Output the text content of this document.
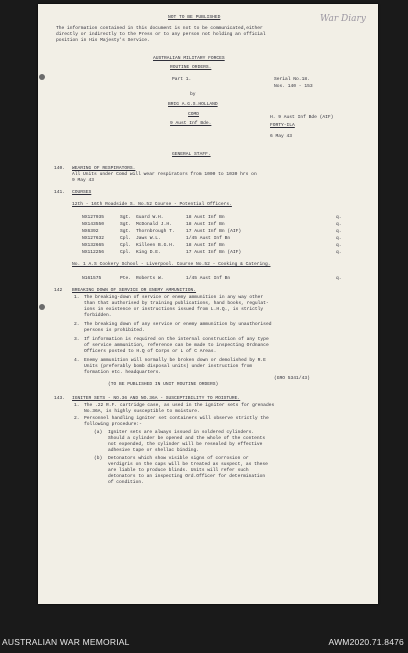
NOT TO BE PUBLISHED	War Diary
The information contained in this document is not to be communicated,either
directly or indirectly to the Press or to any person not holding an official
position in His Majesty's Service.
AUSTRALIAN MILITARY FORCES
ROUTINE ORDERS.
Part 1.	Serial No.18.
Nos. 140 - 153
by
BRIG A.G.S.HOLLAND
COMD
9 Aust Inf Bde.
H. 9 Aust Inf Bde (AIF)
FORTY-ILA
6 May 43
GENERAL STAFF.
140. WEARING OF RESPIRATORS.
All Units under Comd will wear respirators from 1000 to 1030 hrs on
9 May 43
141. COURSES
12th - 16th Roadside S. No.52 Course - Potential Officers.
NX127935	Sgt. Guard W.H.	18 Aust Inf Bn	q.
NX143550	Sgt. McDonald J.H.	18 Aust Inf Bn	q.
NX6392	Sgt. Thornbrough T. 17 Aust Inf Bn (AIF)	q.
NX127632	Cpl. Jaws W.L.	1/45 Aust Inf Bn	q.
NX132665	Cpl. Killeen B.G.H. 18 Aust Inf Bn	q.
NX112256	Cpl. King D.E.	17 Aust Inf Bn (AIF)	q.
No. 1 A.S Cookery School - Liverpool. Course No.52 - Cooking & Catering.
N161575	Pte. Roberts W.	1/45 Aust Inf Bn	q.
142 BREAKING DOWN OF SERVICE OR ENEMY AMMUNITION.
1. The breaking-down of service or enemy ammunition in any way other
than that authorised by training publications, hand books, regulat-
ions in existence or instructions issued from L.H.Q., is strictly
forbidden.
2. The breaking down of any service or enemy ammunition by unauthorised
persons is prohibited.
3. If information is required on the internal construction of any type
of service ammunition, reference can be made to inspecting Ordnance
Officers posted to H.Q of Corps or L of C Areas.
4. Enemy ammunition will normally be broken down or demolished by R.E
Units (preferably bomb disposal units) under instruction from
formation etc. headquarters.
(GRO 5341/43)
(TO BE PUBLISHED IN UNIT ROUTINE ORDERS)
143. IGNITER SETS - NO.36 AND NO.36A - SUSCEPTIBILITY TO MOISTURE.
1. The .22 R.F. cartridge case, as used in the igniter sets for grenades
No.36A, is highly susceptible to moisture.
2. Personnel handling igniter set containers will observe strictly the
following procedure:-
(a) Igniter sets are always issued in soldered cylinders.
Should a cylinder be opened and the whole of the contents
not expended, the cylinder will be resealed by effective
adhesive tape or shellac binding.
(b) Detonators which show visible signs of corrosion or
verdigris on the caps will be treated as suspect, as these
are liable to produce blinds. Units will refer such
detonators to an inspecting Ord.Officer for determination
of condition.
AUSTRALIAN WAR MEMORIAL	AWM2020.71.8476
